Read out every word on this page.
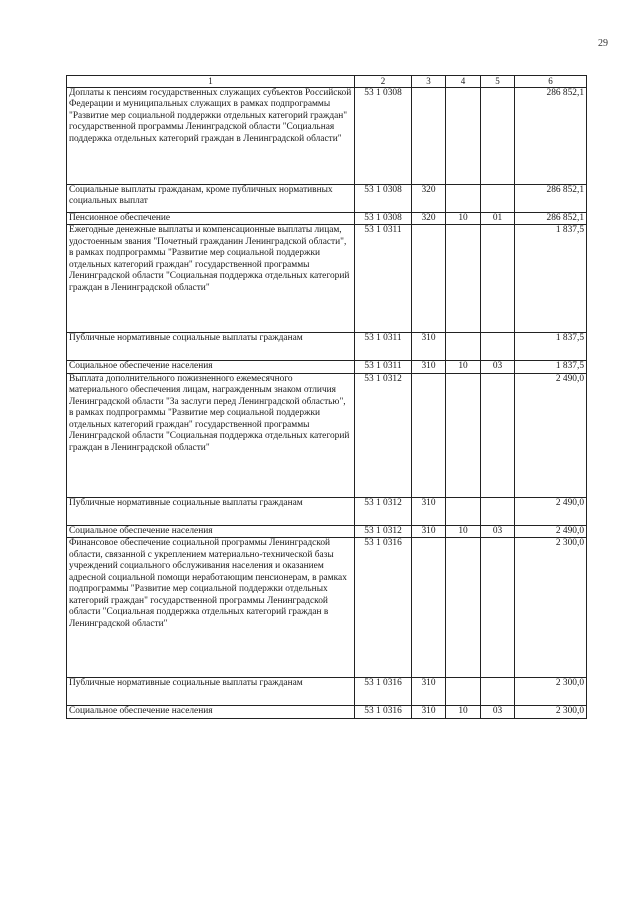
29
1	2	3	4	5	6
Доплаты к пенсиям государственных служащих субъектов Российской Федерации и муниципальных служащих в рамках подпрограммы "Развитие мер социальной поддержки отдельных категорий граждан" государственной программы Ленинградской области "Социальная поддержка отдельных категорий граждан в Ленинградской области"	53 1 0308				286 852,1
Социальные выплаты гражданам, кроме публичных нормативных социальных выплат	53 1 0308	320			286 852,1
Пенсионное обеспечение	53 1 0308	320	10	01	286 852,1
Ежегодные денежные выплаты и компенсационные выплаты лицам, удостоенным звания "Почетный гражданин Ленинградской области", в рамках подпрограммы "Развитие мер социальной поддержки отдельных категорий граждан" государственной программы Ленинградской области "Социальная поддержка отдельных категорий граждан в Ленинградской области"	53 1 0311				1 837,5
Публичные нормативные социальные выплаты гражданам	53 1 0311	310			1 837,5
Социальное обеспечение населения	53 1 0311	310	10	03	1 837,5
Выплата дополнительного пожизненного ежемесячного материального обеспечения лицам, награжденным знаком отличия Ленинградской области "За заслуги перед Ленинградской областью", в рамках подпрограммы "Развитие мер социальной поддержки отдельных категорий граждан" государственной программы Ленинградской области "Социальная поддержка отдельных категорий граждан в Ленинградской области"	53 1 0312				2 490,0
Публичные нормативные социальные выплаты гражданам	53 1 0312	310			2 490,0
Социальное обеспечение населения	53 1 0312	310	10	03	2 490,0
Финансовое обеспечение социальной программы Ленинградской области, связанной с укреплением материально-технической базы учреждений социального обслуживания населения и оказанием адресной социальной помощи неработающим пенсионерам, в рамках подпрограммы "Развитие мер социальной поддержки отдельных категорий граждан" государственной программы Ленинградской области "Социальная поддержка отдельных категорий граждан в Ленинградской области"	53 1 0316				2 300,0
Публичные нормативные социальные выплаты гражданам	53 1 0316	310			2 300,0
Социальное обеспечение населения	53 1 0316	310	10	03	2 300,0
